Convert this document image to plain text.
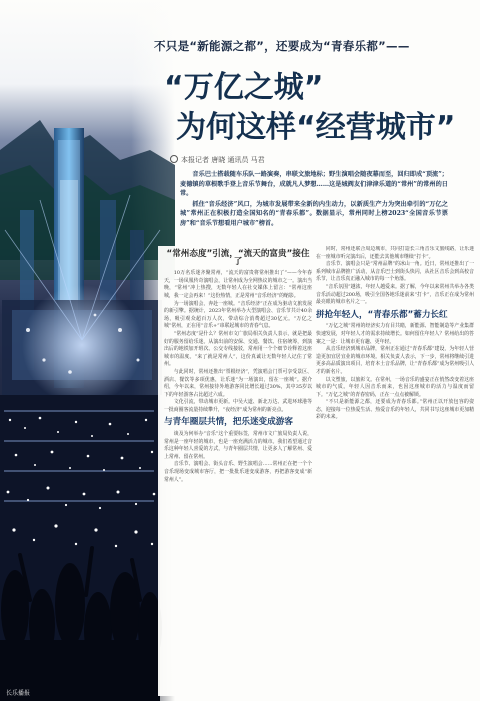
不只是“新能源之都”，还要成为“青春乐都”——
“万亿之城”
为何这样“经营城市”
本报记者 唐晓 通讯员 马君

音乐巴士搭载随车乐队一路演奏，串联文旅地标；野生演唱会随夜幕而至，回归即成“顶流”；麦德镇的草根歌手登上音乐节舞台，成就凡人梦想……这是城阀友们津津乐道的“常州”的常州的日常。

抓住“音乐经济”风口，为城市发展带来全新的内生动力，以新质生产力为突出牵引的“万亿之城”常州正在积极打造全国知名的“青春乐都”。数据显示，常州同时上榜2023“全国音乐节票房”和“音乐节想看用户城市”榜首。

“常州态度”引流，“流天的富贵”接住了

10万名乐迷齐聚常州，“流天的富贵将常州推出了”——今年春天，一场凤凰传奇演唱会，让常州成为全网热议的城市之一。演出当晚，“常州”冲上热搜，无数年轻人在社交媒体上留言：“常州这座城，我一定会再来！”这份热情，正是常州“音乐经济”的缩影。

为一场演唱会，奔赴一座城。“音乐经济”正在成为驱动文旅发展的新引擎。据统计，2023年常州举办大型演唱会、音乐节共计40余场，吸引观众超百万人次，带动综合消费超过30亿元。“万亿之城”常州，正在用“音乐+”串联起城市的青春气息。

“常州态度”是什么？常州市文广旅局相关负责人表示，就是把最好的服务留给乐迷。从演出前的安保、交通、餐饮、住宿统筹，到演出后的地铁加开班次、公交专线接驳，常州用一个个细节诠释着这座城市的温度。“来了就是常州人”，这份真诚让无数年轻人记住了常州。

与此同时，常州还推出“票根经济”，凭演唱会门票可享受景区、酒店、餐饮等多项优惠，让乐迷“为一场演出，留在一座城”。据介绍，今年以来，常州接待外地游客同比增长超过30%，其中35岁以下的年轻游客占比超过六成。

文化引流，带动城市更新。中吴大道、新北万达、武进环球港等一批商圈客流量持续攀升，“夜经济”成为常州的新亮点。

与青年圈层共情，把乐迷变成游客

谈及为何举办“音乐”这个重要标签，常州市文广旅局负责人说，常州是一座年轻的城市，也是一座充满活力的城市。我们希望通过音乐这种年轻人喜爱的方式，与青年圈层共情，让更多人了解常州、爱上常州、留在常州。

音乐节、演唱会、街头音乐、野生演唱会……常州正在把一个个音乐现场变成城市客厅，把一批批乐迷变成游客，再把游客变成“新常州人”。

同时，常州还联合周边城市，共同打造长三角音乐文旅线路，让乐迷在一座城市听完演出后，还能去其他城市继续“打卡”。

音乐节、演唱会只是“常州品牌”的冰山一角。近日，常州还推出了一系列城市品牌推广活动，从音乐巴士到街头快闪，从社区音乐会到高校音乐节，让音乐真正融入城市的每一个角落。

“音乐氛围”越浓，年轻人越爱来。据了解，今年以来常州共举办各类音乐活动超过200场，吸引全国各地乐迷前来“打卡”，音乐正在成为常州最亮眼的城市名片之一。

拼抢年轻人，“青春乐都”蓄力长红

“万亿之城”常州的经济实力有目共睹，新能源、智能制造等产业集群快速发展，对年轻人才的需求持续增长。如何留住年轻人？常州给出的答案之一是：让城市更有趣、更年轻。

从音乐经济到城市品牌，常州正在通过“青春乐都”建设，为年轻人营造更加宜居宜业的城市环境。相关负责人表示，下一步，常州将继续引进更多高品质演出项目，培育本土音乐品牌，让“青春乐都”成为常州吸引人才的新名片。

以文塑旅，以旅彰文。在常州，一场音乐的盛宴正在悄然改变着这座城市的气质。年轻人因音乐而来，也因这座城市的活力与温度而留下。“万亿之城”的青春密码，正在一点点被解锁。

“不只是新能源之都，还要成为青春乐都。”常州正以开放包容的姿态，迎接每一位热爱生活、热爱音乐的年轻人，共同书写这座城市更加精彩的未来。

长乐播报
